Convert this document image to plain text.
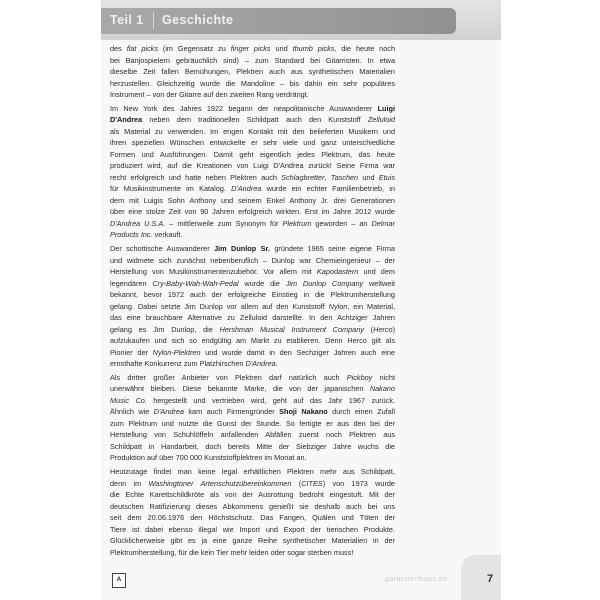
Teil 1 Geschichte
des flat picks (im Gegensatz zu finger picks und thumb picks, die heute noch
bei Banjospielern gebräuchlich sind) – zum Standard bei Gitarristen. In etwa
dieselbe Zeit fallen Bemühungen, Plektren auch aus synthetischen Materialien
herzustellen. Gleichzeitig wurde die Mandoline – bis dahin ein sehr populäres
Instrument – von der Gitarre auf den zweiten Rang verdrängt.
Im New York des Jahres 1922 begann der neapolitanische Auswanderer Luigi
D'Andrea neben dem traditionellen Schildpatt auch den Kunststoff Zelluloid
als Material zu verwenden. Im engen Kontakt mit den belieferten Musikern und
ihren speziellen Wünschen entwickelte er sehr viele und ganz unterschiedliche
Formen und Ausführungen. Damit geht eigentlich jedes Plektrum, das heute
produziert wird, auf die Kreationen von Luigi D'Andrea zurück! Seine Firma war
recht erfolgreich und hatte neben Plektren auch Schlagbretter, Taschen und Etuis
für Musikinstrumente im Katalog. D'Andrea wurde ein echter Familienbetrieb, in
dem mit Luigis Sohn Anthony und seinem Enkel Anthony Jr. drei Generationen
über eine stolze Zeit von 90 Jahren erfolgreich wirkten. Erst im Jahre 2012 wurde
D'Andrea U.S.A. – mittlerweile zum Synonym für Plektrum geworden – an Delmar
Products Inc. verkauft.
Der schottische Auswanderer Jim Dunlop Sr. gründete 1965 seine eigene Firma
und widmete sich zunächst nebenberuflich – Dunlop war Chemieingenieur – der
Herstellung von Musikinstrumentenzubehör. Vor allem mit Kapodastern und dem
legendären Cry-Baby-Wah-Wah-Pedal wurde die Jim Dunlop Company weltweit
bekannt, bevor 1972 auch der erfolgreiche Einstieg in die Plektrumherstellung
gelang. Dabei setzte Jim Dunlop vor allem auf den Kunststoff Nylon, ein Material,
das eine brauchbare Alternative zu Zelluloid darstellte. In den Achtziger Jahren
gelang es Jim Dunlop, die Hershman Musical Instrument Company (Herco)
aufzukaufen und sich so endgültig am Markt zu etablieren. Denn Herco gilt als
Pionier der Nylon-Plektren und wurde damit in den Sechziger Jahren auch eine
ernsthafte Konkurrenz zum Platzhirschen D'Andrea.
Als dritter großer Anbieter von Plektren darf natürlich auch Pickboy nicht
unerwähnt bleiben. Diese bekannte Marke, die von der japanischen Nakano
Music Co. hergestellt und vertrieben wird, geht auf das Jahr 1967 zurück.
Ähnlich wie D'Andrea kam auch Firmengründer Shoji Nakano durch einen Zufall
zum Plektrum und nutzte die Gunst der Stunde. So fertigte er aus den bei der
Herstellung von Schuhlöffeln anfallenden Abfällen zuerst noch Plektren aus
Schildpatt in Handarbeit, doch bereits Mitte der Siebziger Jahre wuchs die
Produktion auf über 700 000 Kunststoffplektren im Monat an.
Heutzutage findet man keine legal erhältlichen Plektren mehr aus Schildpatt,
denn im Washingtoner Artenschutzübereinkommen (CITES) von 1973 wurde
die Echte Karettschildkröte als von der Ausrottung bedroht eingestuft. Mit der
deutschen Ratifizierung dieses Abkommens genießt sie deshalb auch bei uns
seit dem 20.06.1976 den Höchstschutz. Das Fangen, Quälen und Töten der
Tiere ist dabei ebenso illegal wie Import und Export der tierischen Produkte.
Glücklicherweise gibt es ja eine ganze Reihe synthetischer Materialien in der
Plektrumherstellung, für die kein Tier mehr leiden oder sogar sterben muss!
A	garantiertbass.de	7
